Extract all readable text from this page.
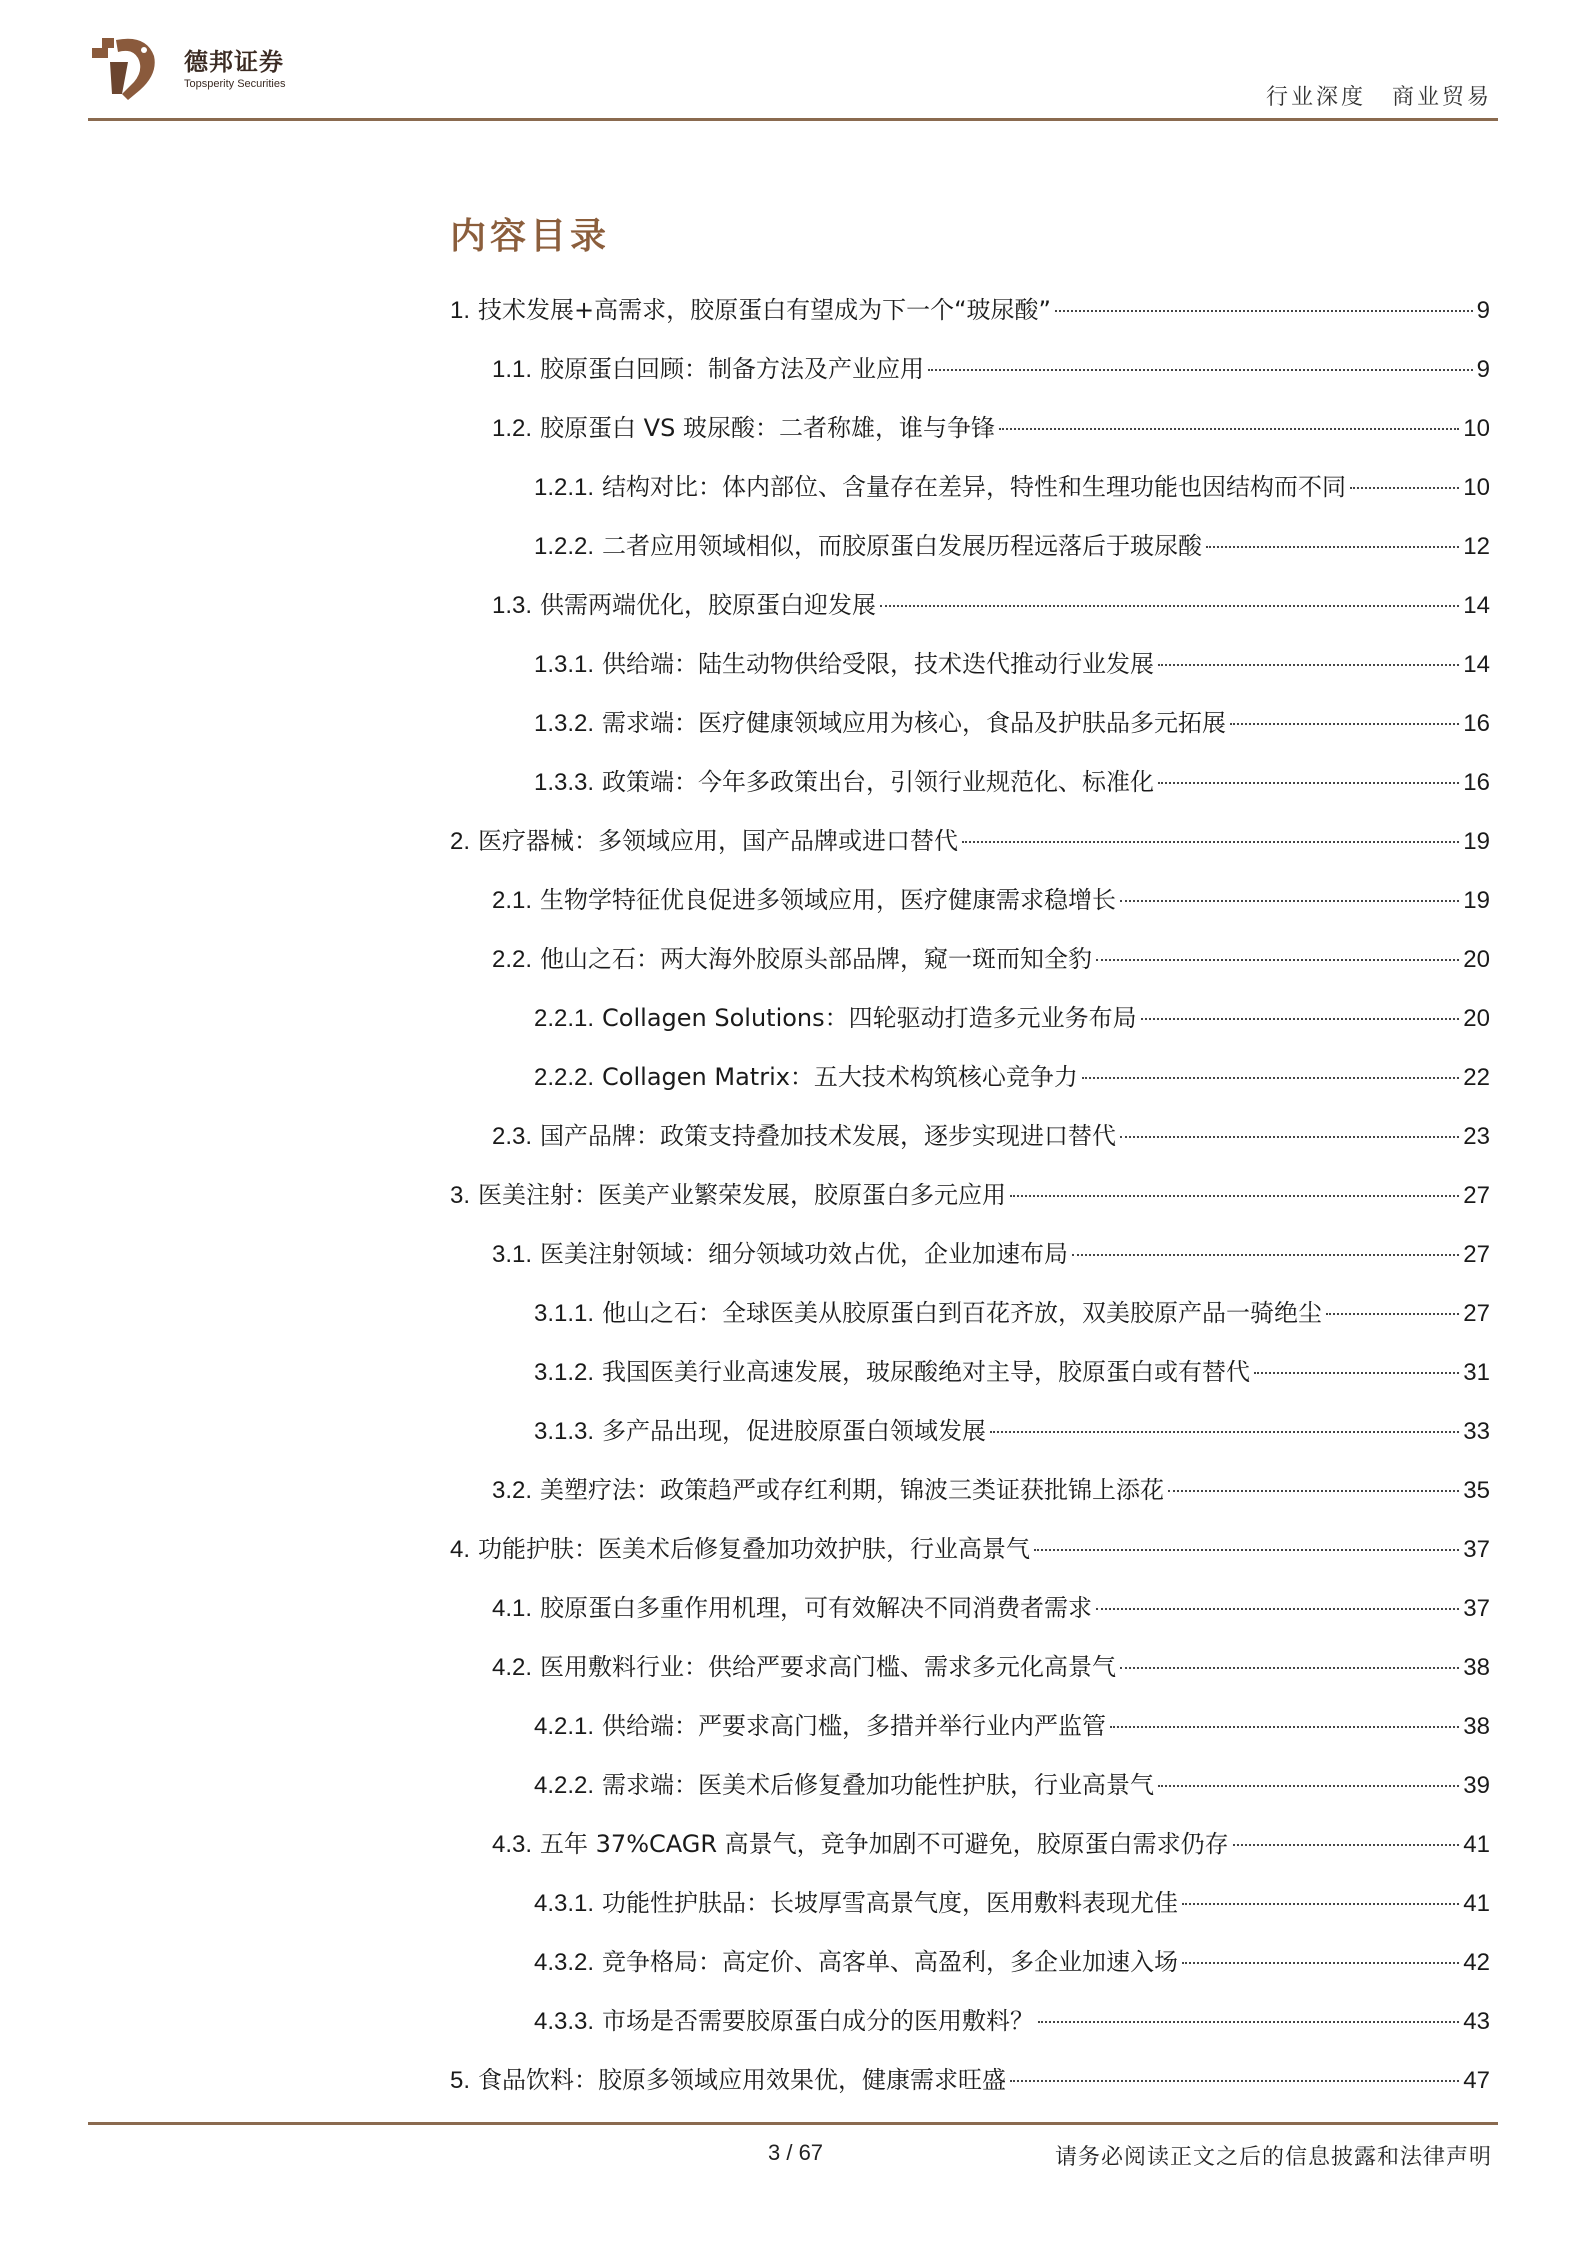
德邦证券
Topsperity Securities
行业深度 商业贸易
内容目录
1. 技术发展+高需求，胶原蛋白有望成为下一个“玻尿酸”	9
1.1. 胶原蛋白回顾：制备方法及产业应用	9
1.2. 胶原蛋白 VS 玻尿酸：二者称雄，谁与争锋	10
1.2.1. 结构对比：体内部位、含量存在差异，特性和生理功能也因结构而不同	10
1.2.2. 二者应用领域相似，而胶原蛋白发展历程远落后于玻尿酸	12
1.3. 供需两端优化，胶原蛋白迎发展	14
1.3.1. 供给端：陆生动物供给受限，技术迭代推动行业发展	14
1.3.2. 需求端：医疗健康领域应用为核心，食品及护肤品多元拓展	16
1.3.3. 政策端：今年多政策出台，引领行业规范化、标准化	16
2. 医疗器械：多领域应用，国产品牌或进口替代	19
2.1. 生物学特征优良促进多领域应用，医疗健康需求稳增长	19
2.2. 他山之石：两大海外胶原头部品牌，窥一斑而知全豹	20
2.2.1. Collagen Solutions：四轮驱动打造多元业务布局	20
2.2.2. Collagen Matrix：五大技术构筑核心竞争力	22
2.3. 国产品牌：政策支持叠加技术发展，逐步实现进口替代	23
3. 医美注射：医美产业繁荣发展，胶原蛋白多元应用	27
3.1. 医美注射领域：细分领域功效占优，企业加速布局	27
3.1.1. 他山之石：全球医美从胶原蛋白到百花齐放，双美胶原产品一骑绝尘	27
3.1.2. 我国医美行业高速发展，玻尿酸绝对主导，胶原蛋白或有替代	31
3.1.3. 多产品出现，促进胶原蛋白领域发展	33
3.2. 美塑疗法：政策趋严或存红利期，锦波三类证获批锦上添花	35
4. 功能护肤：医美术后修复叠加功效护肤，行业高景气	37
4.1. 胶原蛋白多重作用机理，可有效解决不同消费者需求	37
4.2. 医用敷料行业：供给严要求高门槛、需求多元化高景气	38
4.2.1. 供给端：严要求高门槛，多措并举行业内严监管	38
4.2.2. 需求端：医美术后修复叠加功能性护肤，行业高景气	39
4.3. 五年 37%CAGR 高景气，竞争加剧不可避免，胶原蛋白需求仍存	41
4.3.1. 功能性护肤品：长坡厚雪高景气度，医用敷料表现尤佳	41
4.3.2. 竞争格局：高定价、高客单、高盈利，多企业加速入场	42
4.3.3. 市场是否需要胶原蛋白成分的医用敷料？	43
5. 食品饮料：胶原多领域应用效果优，健康需求旺盛	47
3 / 67	请务必阅读正文之后的信息披露和法律声明
